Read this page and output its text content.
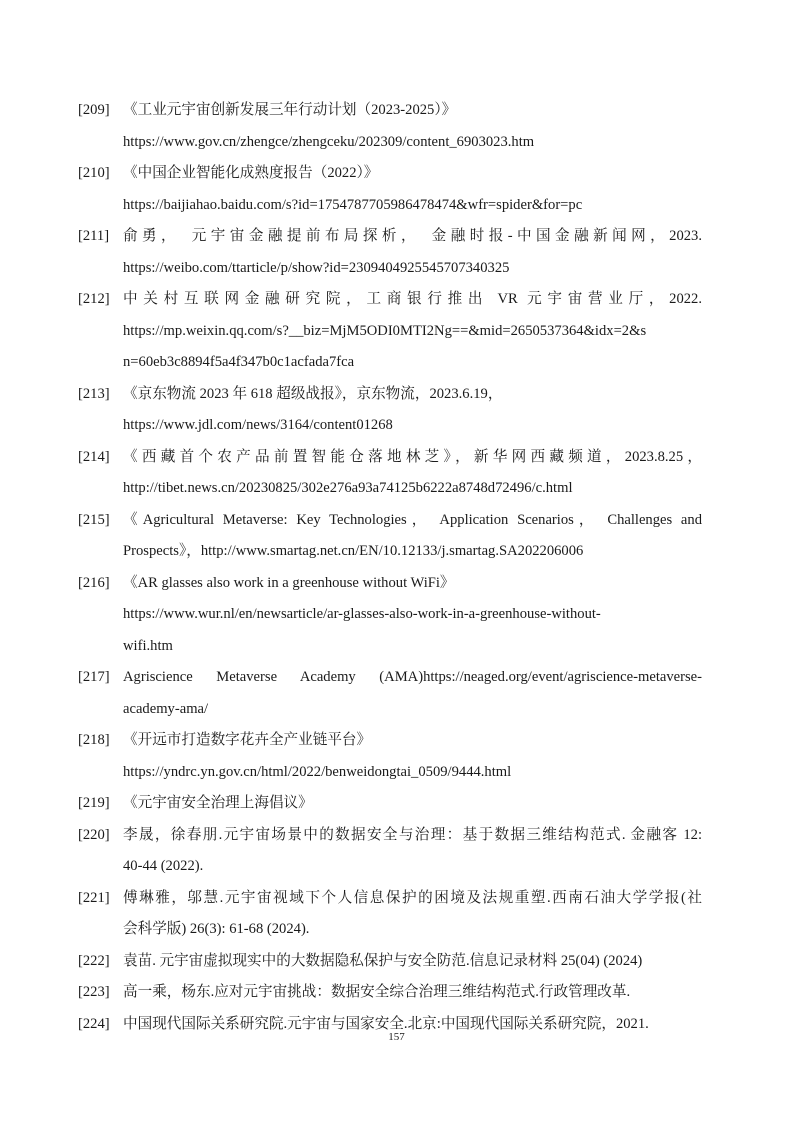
[209] 《工业元宇宙创新发展三年行动计划（2023-2025）》
https://www.gov.cn/zhengce/zhengceku/202309/content_6903023.htm
[210] 《中国企业智能化成熟度报告（2022）》
https://baijiahao.baidu.com/s?id=1754787705986478474&wfr=spider&for=pc
[211] 俞勇，　元宇宙金融提前布局探析，　金融时报-中国金融新闻网，2023.
https://weibo.com/ttarticle/p/show?id=2309404925545707340325
[212] 中关村互联网金融研究院，工商银行推出 VR 元宇宙营业厅，2022.
https://mp.weixin.qq.com/s?__biz=MjM5ODI0MTI2Ng==&mid=2650537364&idx=2&s
n=60eb3c8894f5a4f347b0c1acfada7fca
[213] 《京东物流 2023 年 618 超级战报》，京东物流，2023.6.19，
https://www.jdl.com/news/3164/content01268
[214] 《西藏首个农产品前置智能仓落地林芝》，新华网西藏频道，2023.8.25，
http://tibet.news.cn/20230825/302e276a93a74125b6222a8748d72496/c.html
[215] 《Agricultural Metaverse: Key Technologies， Application Scenarios， Challenges and
Prospects》，http://www.smartag.net.cn/EN/10.12133/j.smartag.SA202206006
[216] 《AR glasses also work in a greenhouse without WiFi》
https://www.wur.nl/en/newsarticle/ar-glasses-also-work-in-a-greenhouse-without-
wifi.htm
[217] Agriscience Metaverse Academy (AMA)https://neaged.org/event/agriscience-metaverse-
academy-ama/
[218] 《开远市打造数字花卉全产业链平台》
https://yndrc.yn.gov.cn/html/2022/benweidongtai_0509/9444.html
[219] 《元宇宙安全治理上海倡议》
[220] 李晟，徐春朋.元宇宙场景中的数据安全与治理：基于数据三维结构范式. 金融客 12:
40-44 (2022).
[221] 傅琳雅，邬慧.元宇宙视域下个人信息保护的困境及法规重塑.西南石油大学学报(社
会科学版) 26(3): 61-68 (2024).
[222] 袁苗. 元宇宙虚拟现实中的大数据隐私保护与安全防范.信息记录材料 25(04) (2024)
[223] 高一乘，杨东.应对元宇宙挑战：数据安全综合治理三维结构范式.行政管理改革.
[224] 中国现代国际关系研究院.元宇宙与国家安全.北京:中国现代国际关系研究院，2021.
157
